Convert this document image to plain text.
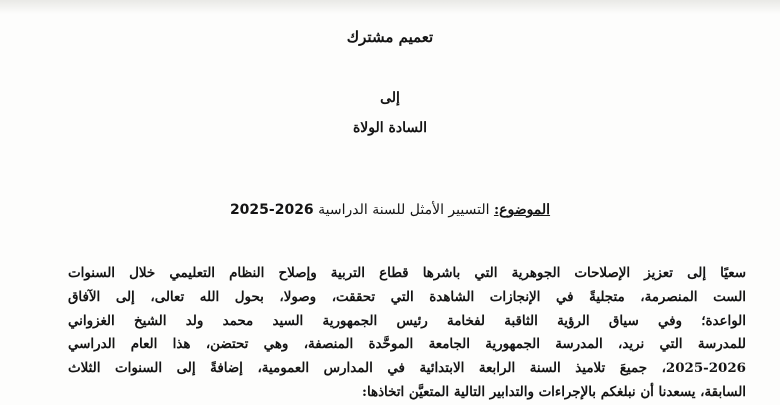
تعميم مشترك
إلى
السادة الولاة
الموضوع: التسيير الأمثل للسنة الدراسية 2025-2026
سعيًا إلى تعزيز الإصلاحات الجوهرية التي باشرها قطاع التربية وإصلاح النظام التعليمي خلال السنوات
الست المنصرمة، متجليةً في الإنجازات الشاهدة التي تحققت، وصولا، بحول الله تعالى، إلى الآفاق
الواعدة؛ وفي سياق الرؤية الثاقبة لفخامة رئيس الجمهورية السيد محمد ولد الشيخ الغزواني
للمدرسة التي نريد، المدرسة الجمهورية الجامعة الموحَّدة المنصفة، وهي تحتضن، هذا العام الدراسي
2025-2026، جميعَ تلاميذ السنة الرابعة الابتدائية في المدارس العمومية، إضافةً إلى السنوات الثلاث
السابقة، يسعدنا أن نبلغكم بالإجراءات والتدابير التالية المتعيَّن اتخاذها:
